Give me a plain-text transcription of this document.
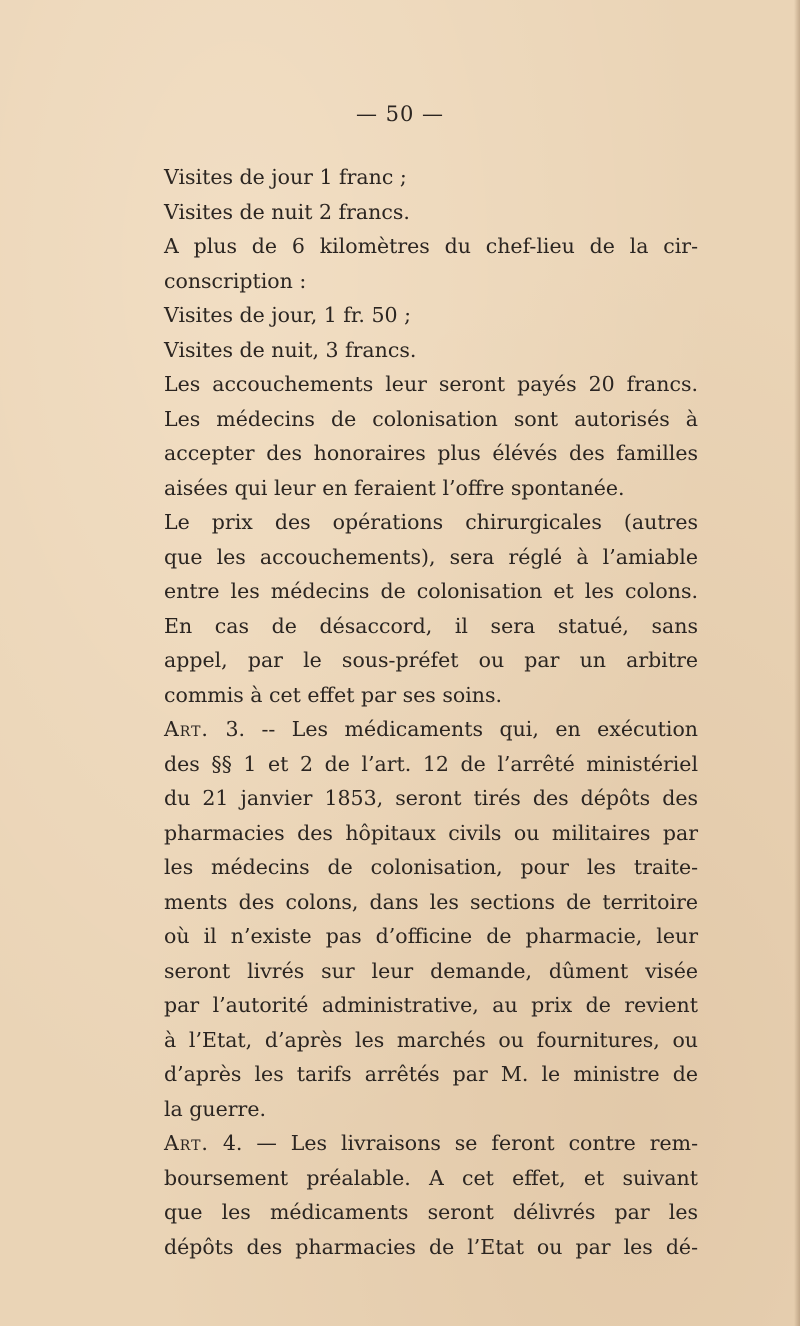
— 50 —
Visites de jour 1 franc ;
Visites de nuit 2 francs.
A plus de 6 kilomètres du chef-lieu de la cir-
conscription :
Visites de jour, 1 fr. 50 ;
Visites de nuit, 3 francs.
Les accouchements leur seront payés 20 francs.
Les médecins de colonisation sont autorisés à
accepter des honoraires plus élévés des familles
aisées qui leur en feraient l’offre spontanée.
Le prix des opérations chirurgicales (autres
que les accouchements), sera réglé à l’amiable
entre les médecins de colonisation et les colons.
En cas de désaccord, il sera statué, sans
appel, par le sous-préfet ou par un arbitre
commis à cet effet par ses soins.
Art. 3. -- Les médicaments qui, en exécution
des §§ 1 et 2 de l’art. 12 de l’arrêté ministériel
du 21 janvier 1853, seront tirés des dépôts des
pharmacies des hôpitaux civils ou militaires par
les médecins de colonisation, pour les traite-
ments des colons, dans les sections de territoire
où il n’existe pas d’officine de pharmacie, leur
seront livrés sur leur demande, dûment visée
par l’autorité administrative, au prix de revient
à l’Etat, d’après les marchés ou fournitures, ou
d’après les tarifs arrêtés par M. le ministre de
la guerre.
Art. 4. — Les livraisons se feront contre rem-
boursement préalable. A cet effet, et suivant
que les médicaments seront délivrés par les
dépôts des pharmacies de l’Etat ou par les dé-
